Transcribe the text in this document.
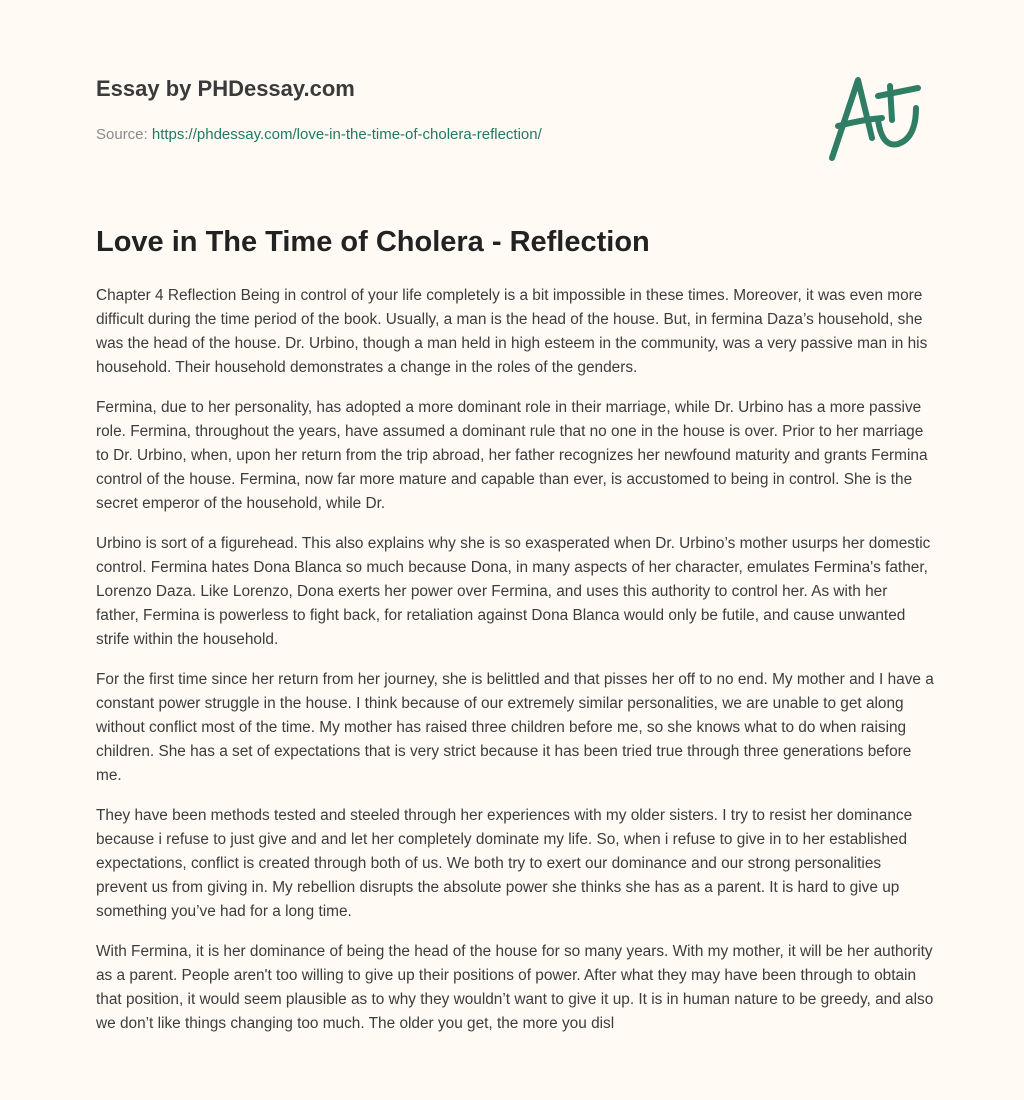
Essay by PHDessay.com

Source: https://phdessay.com/love-in-the-time-of-cholera-reflection/
Love in The Time of Cholera - Reflection

Chapter 4 Reflection Being in control of your life completely is a bit impossible in these times. Moreover, it was even more difficult during the time period of the book. Usually, a man is the head of the house. But, in fermina Daza’s household, she was the head of the house. Dr. Urbino, though a man held in high esteem in the community, was a very passive man in his household. Their household demonstrates a change in the roles of the genders.

Fermina, due to her personality, has adopted a more dominant role in their marriage, while Dr. Urbino has a more passive role. Fermina, throughout the years, have assumed a dominant rule that no one in the house is over. Prior to her marriage to Dr. Urbino, when, upon her return from the trip abroad, her father recognizes her newfound maturity and grants Fermina control of the house. Fermina, now far more mature and capable than ever, is accustomed to being in control. She is the secret emperor of the household, while Dr.

Urbino is sort of a figurehead. This also explains why she is so exasperated when Dr. Urbino’s mother usurps her domestic control. Fermina hates Dona Blanca so much because Dona, in many aspects of her character, emulates Fermina's father, Lorenzo Daza. Like Lorenzo, Dona exerts her power over Fermina, and uses this authority to control her. As with her father, Fermina is powerless to fight back, for retaliation against Dona Blanca would only be futile, and cause unwanted strife within the household.

For the first time since her return from her journey, she is belittled and that pisses her off to no end. My mother and I have a constant power struggle in the house. I think because of our extremely similar personalities, we are unable to get along without conflict most of the time. My mother has raised three children before me, so she knows what to do when raising children. She has a set of expectations that is very strict because it has been tried true through three generations before me.

They have been methods tested and steeled through her experiences with my older sisters. I try to resist her dominance because i refuse to just give and and let her completely dominate my life. So, when i refuse to give in to her established expectations, conflict is created through both of us. We both try to exert our dominance and our strong personalities prevent us from giving in. My rebellion disrupts the absolute power she thinks she has as a parent. It is hard to give up something you’ve had for a long time.

With Fermina, it is her dominance of being the head of the house for so many years. With my mother, it will be her authority as a parent. People aren't too willing to give up their positions of power. After what they may have been through to obtain that position, it would seem plausible as to why they wouldn’t want to give it up. It is in human nature to be greedy, and also we don’t like things changing too much. The older you get, the more you disl
